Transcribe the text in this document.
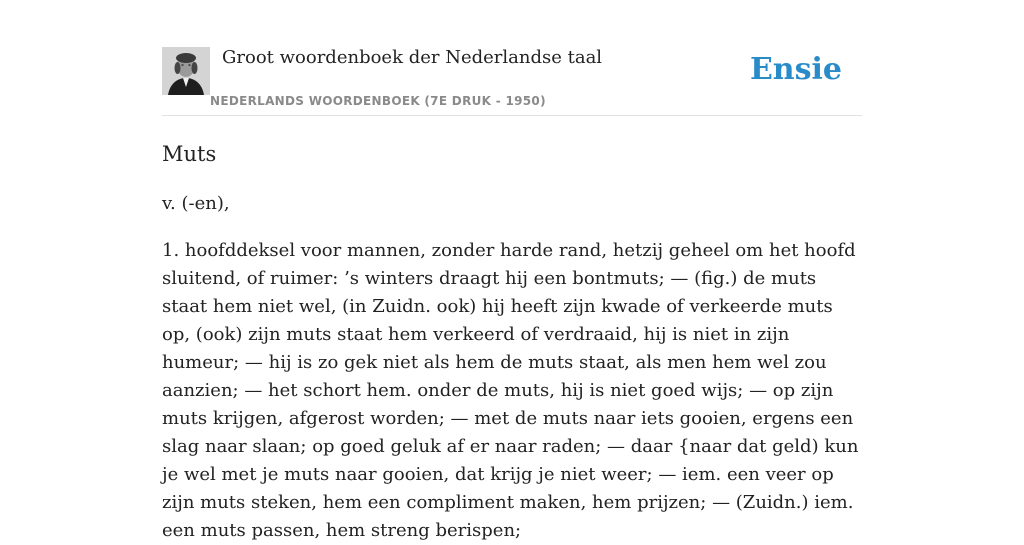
Groot woordenboek der Nederlandse taal
NEDERLANDS WOORDENBOEK (7E DRUK - 1950)
Ensie
Muts

v. (-en),

1. hoofddeksel voor mannen, zonder harde rand, hetzij geheel om het hoofd sluitend, of ruimer: ’s winters draagt hij een bontmuts; — (fig.) de muts staat hem niet wel, (in Zuidn. ook) hij heeft zijn kwade of verkeerde muts op, (ook) zijn muts staat hem verkeerd of verdraaid, hij is niet in zijn humeur; — hij is zo gek niet als hem de muts staat, als men hem wel zou aanzien; — het schort hem. onder de muts, hij is niet goed wijs; — op zijn muts krijgen, afgerost worden; — met de muts naar iets gooien, ergens een slag naar slaan; op goed geluk af er naar raden; — daar {naar dat geld) kun je wel met je muts naar gooien, dat krijg je niet weer; — iem. een veer op zijn muts steken, hem een compliment maken, hem prijzen; — (Zuidn.) iem. een muts passen, hem streng berispen;
